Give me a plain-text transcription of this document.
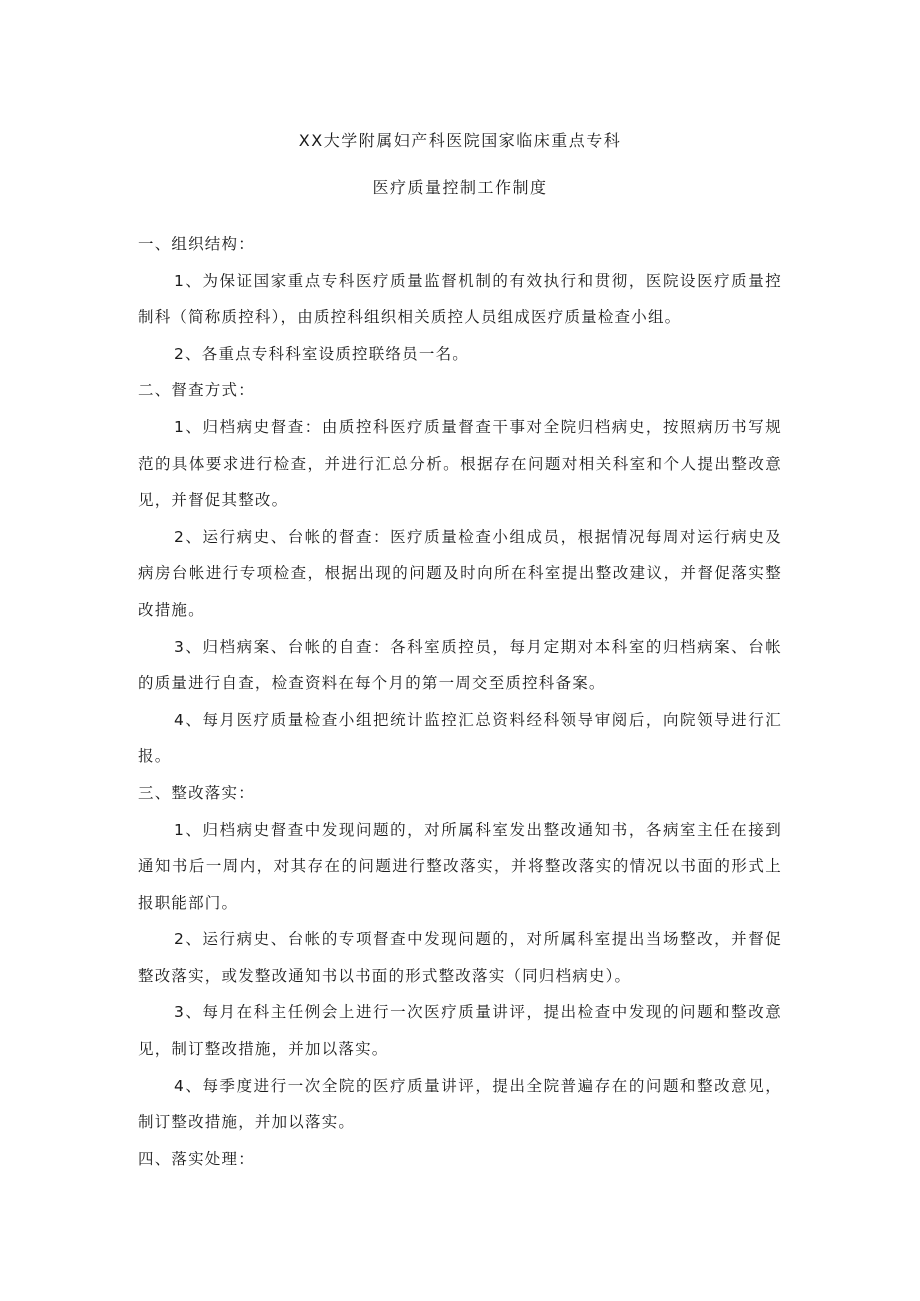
XX大学附属妇产科医院国家临床重点专科
医疗质量控制工作制度

一、组织结构：

1、为保证国家重点专科医疗质量监督机制的有效执行和贯彻，医院设医疗质量控

制科（简称质控科），由质控科组织相关质控人员组成医疗质量检查小组。

2、各重点专科科室设质控联络员一名。

二、督查方式：

1、归档病史督查：由质控科医疗质量督查干事对全院归档病史，按照病历书写规

范的具体要求进行检查，并进行汇总分析。根据存在问题对相关科室和个人提出整改意

见，并督促其整改。

2、运行病史、台帐的督查：医疗质量检查小组成员，根据情况每周对运行病史及

病房台帐进行专项检查，根据出现的问题及时向所在科室提出整改建议，并督促落实整

改措施。

3、归档病案、台帐的自查：各科室质控员，每月定期对本科室的归档病案、台帐

的质量进行自查，检查资料在每个月的第一周交至质控科备案。

4、每月医疗质量检查小组把统计监控汇总资料经科领导审阅后，向院领导进行汇

报。

三、整改落实：

1、归档病史督查中发现问题的，对所属科室发出整改通知书，各病室主任在接到

通知书后一周内，对其存在的问题进行整改落实，并将整改落实的情况以书面的形式上

报职能部门。

2、运行病史、台帐的专项督查中发现问题的，对所属科室提出当场整改，并督促

整改落实，或发整改通知书以书面的形式整改落实（同归档病史）。

3、每月在科主任例会上进行一次医疗质量讲评，提出检查中发现的问题和整改意

见，制订整改措施，并加以落实。

4、每季度进行一次全院的医疗质量讲评，提出全院普遍存在的问题和整改意见，

制订整改措施，并加以落实。

四、落实处理：
